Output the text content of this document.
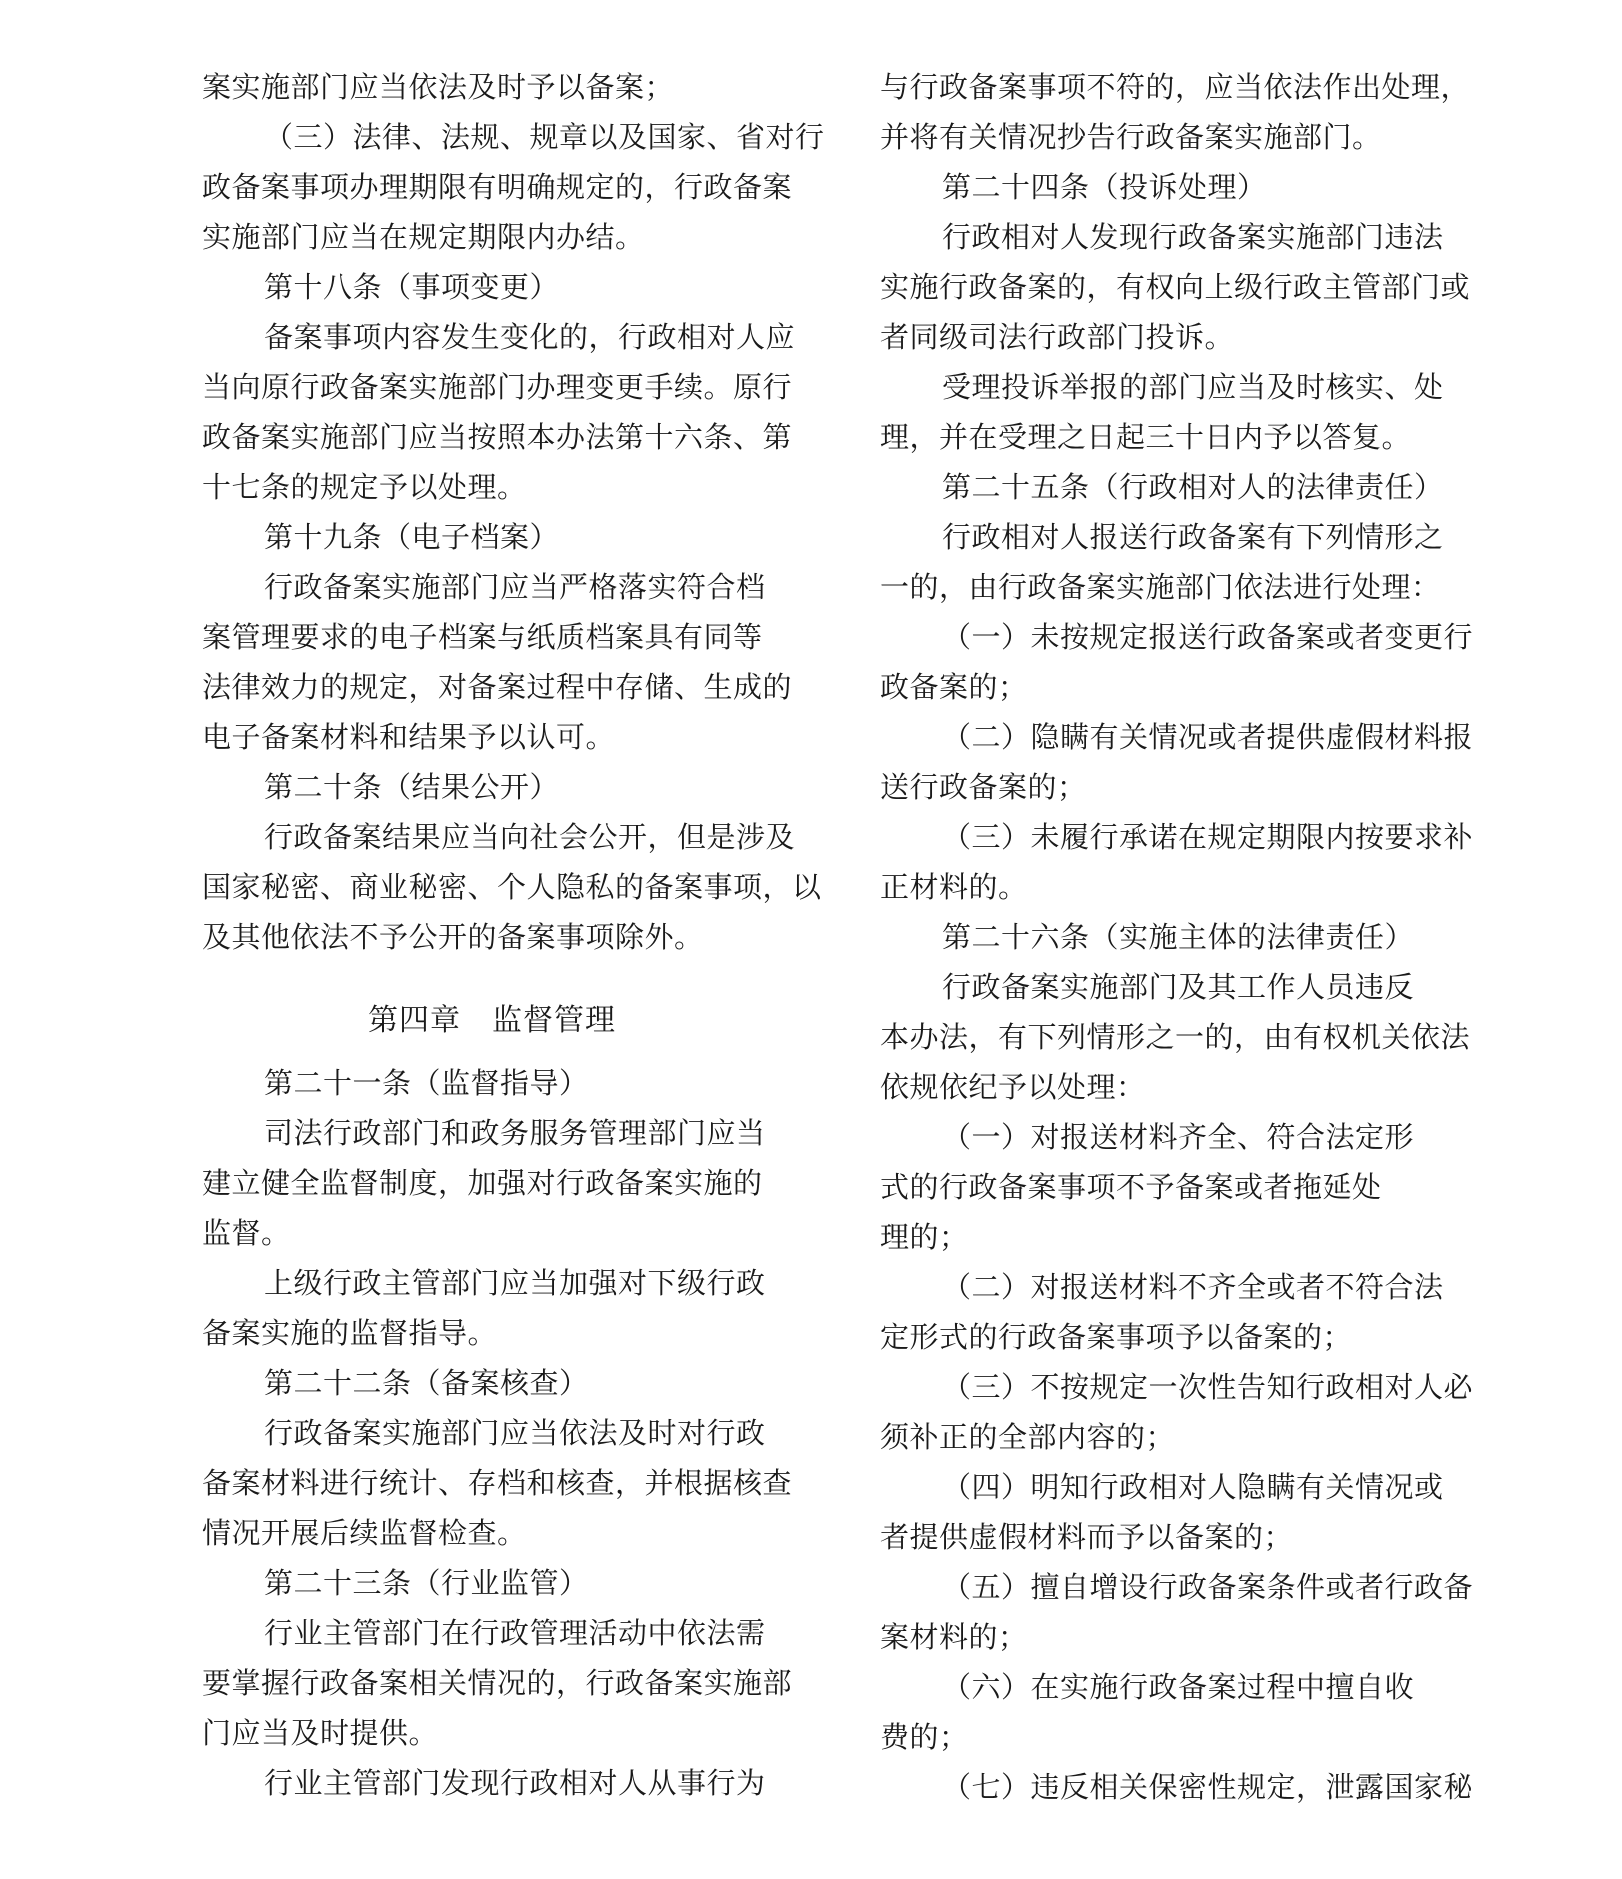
案实施部门应当依法及时予以备案；
（三）法律、法规、规章以及国家、省对行
政备案事项办理期限有明确规定的，行政备案
实施部门应当在规定期限内办结。
第十八条（事项变更）
备案事项内容发生变化的，行政相对人应
当向原行政备案实施部门办理变更手续。原行
政备案实施部门应当按照本办法第十六条、第
十七条的规定予以处理。
第十九条（电子档案）
行政备案实施部门应当严格落实符合档
案管理要求的电子档案与纸质档案具有同等
法律效力的规定，对备案过程中存储、生成的
电子备案材料和结果予以认可。
第二十条（结果公开）
行政备案结果应当向社会公开，但是涉及
国家秘密、商业秘密、个人隐私的备案事项，以
及其他依法不予公开的备案事项除外。
第四章　监督管理
第二十一条（监督指导）
司法行政部门和政务服务管理部门应当
建立健全监督制度，加强对行政备案实施的
监督。
上级行政主管部门应当加强对下级行政
备案实施的监督指导。
第二十二条（备案核查）
行政备案实施部门应当依法及时对行政
备案材料进行统计、存档和核查，并根据核查
情况开展后续监督检查。
第二十三条（行业监管）
行业主管部门在行政管理活动中依法需
要掌握行政备案相关情况的，行政备案实施部
门应当及时提供。
行业主管部门发现行政相对人从事行为
与行政备案事项不符的，应当依法作出处理，
并将有关情况抄告行政备案实施部门。
第二十四条（投诉处理）
行政相对人发现行政备案实施部门违法
实施行政备案的，有权向上级行政主管部门或
者同级司法行政部门投诉。
受理投诉举报的部门应当及时核实、处
理，并在受理之日起三十日内予以答复。
第二十五条（行政相对人的法律责任）
行政相对人报送行政备案有下列情形之
一的，由行政备案实施部门依法进行处理：
（一）未按规定报送行政备案或者变更行
政备案的；
（二）隐瞒有关情况或者提供虚假材料报
送行政备案的；
（三）未履行承诺在规定期限内按要求补
正材料的。
第二十六条（实施主体的法律责任）
行政备案实施部门及其工作人员违反
本办法，有下列情形之一的，由有权机关依法
依规依纪予以处理：
（一）对报送材料齐全、符合法定形
式的行政备案事项不予备案或者拖延处
理的；
（二）对报送材料不齐全或者不符合法
定形式的行政备案事项予以备案的；
（三）不按规定一次性告知行政相对人必
须补正的全部内容的；
（四）明知行政相对人隐瞒有关情况或
者提供虚假材料而予以备案的；
（五）擅自增设行政备案条件或者行政备
案材料的；
（六）在实施行政备案过程中擅自收
费的；
（七）违反相关保密性规定，泄露国家秘
